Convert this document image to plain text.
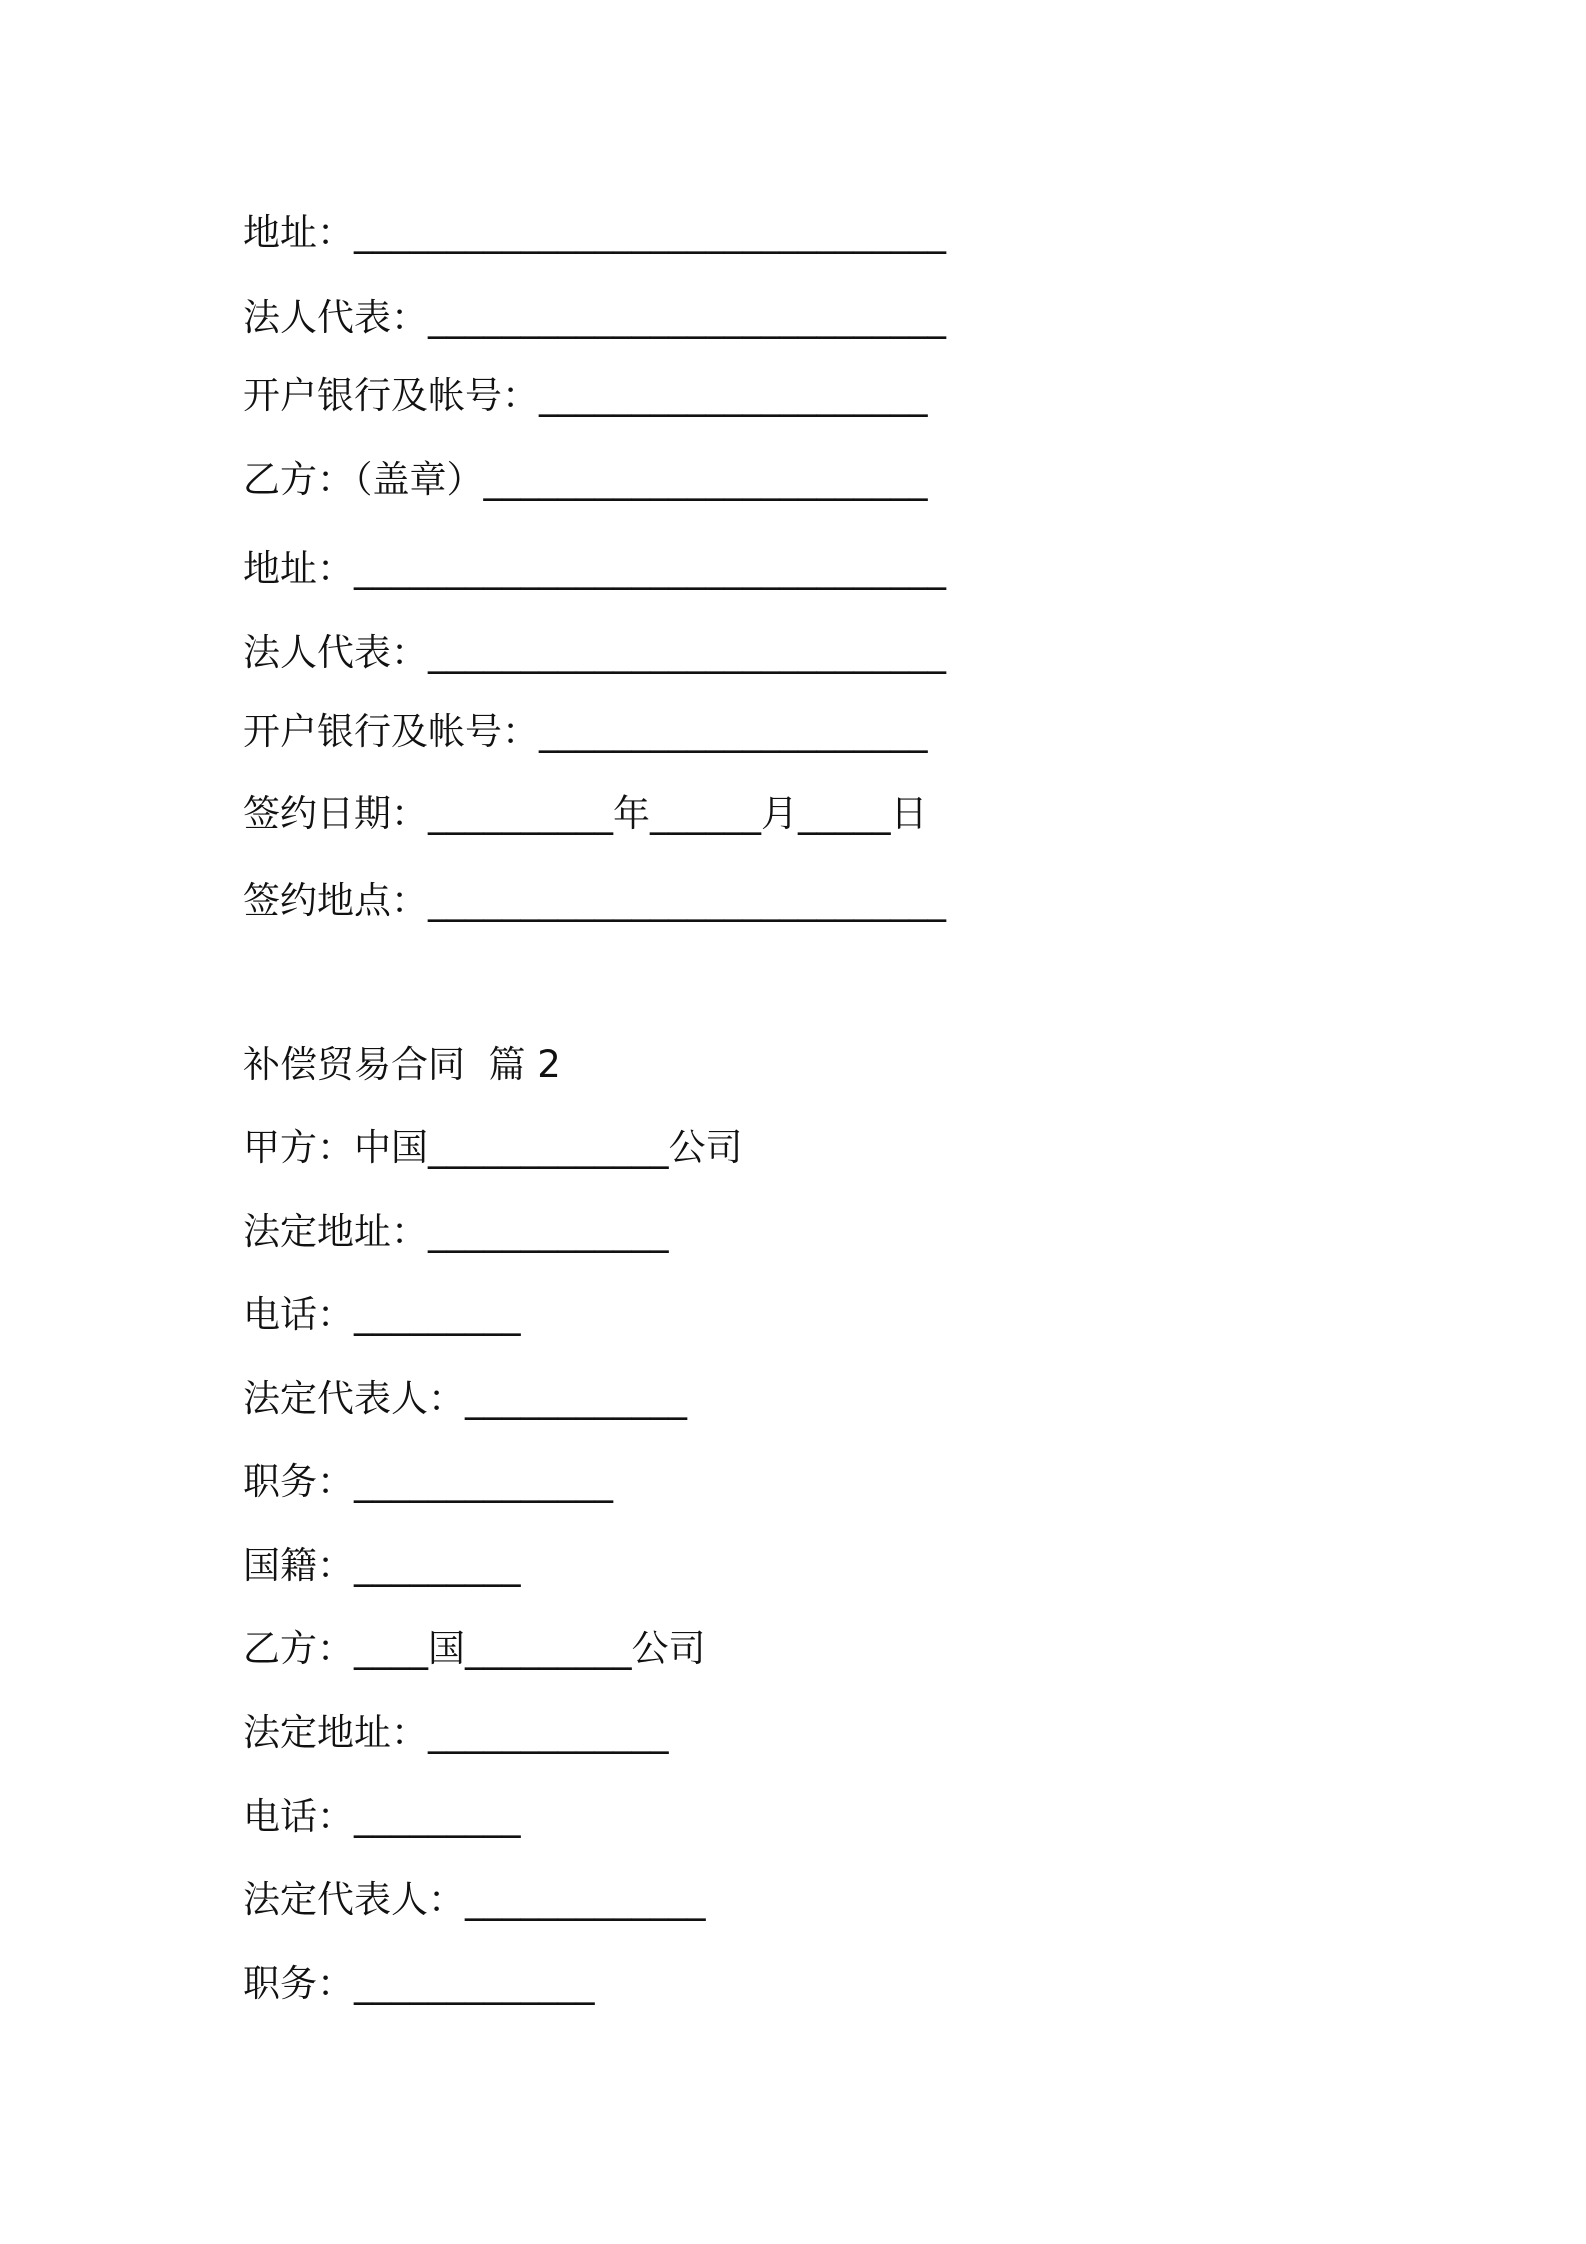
地址：________________________________
法人代表：____________________________
开户银行及帐号：_____________________
乙方：（盖章）________________________
地址：________________________________
法人代表：____________________________
开户银行及帐号：_____________________
签约日期：__________年______月_____日
签约地点：____________________________
补偿贸易合同  篇 2
甲方：中国_____________公司
法定地址：_____________
电话：_________
法定代表人：____________
职务：______________
国籍：_________
乙方：____国_________公司
法定地址：_____________
电话：_________
法定代表人：_____________
职务：_____________
